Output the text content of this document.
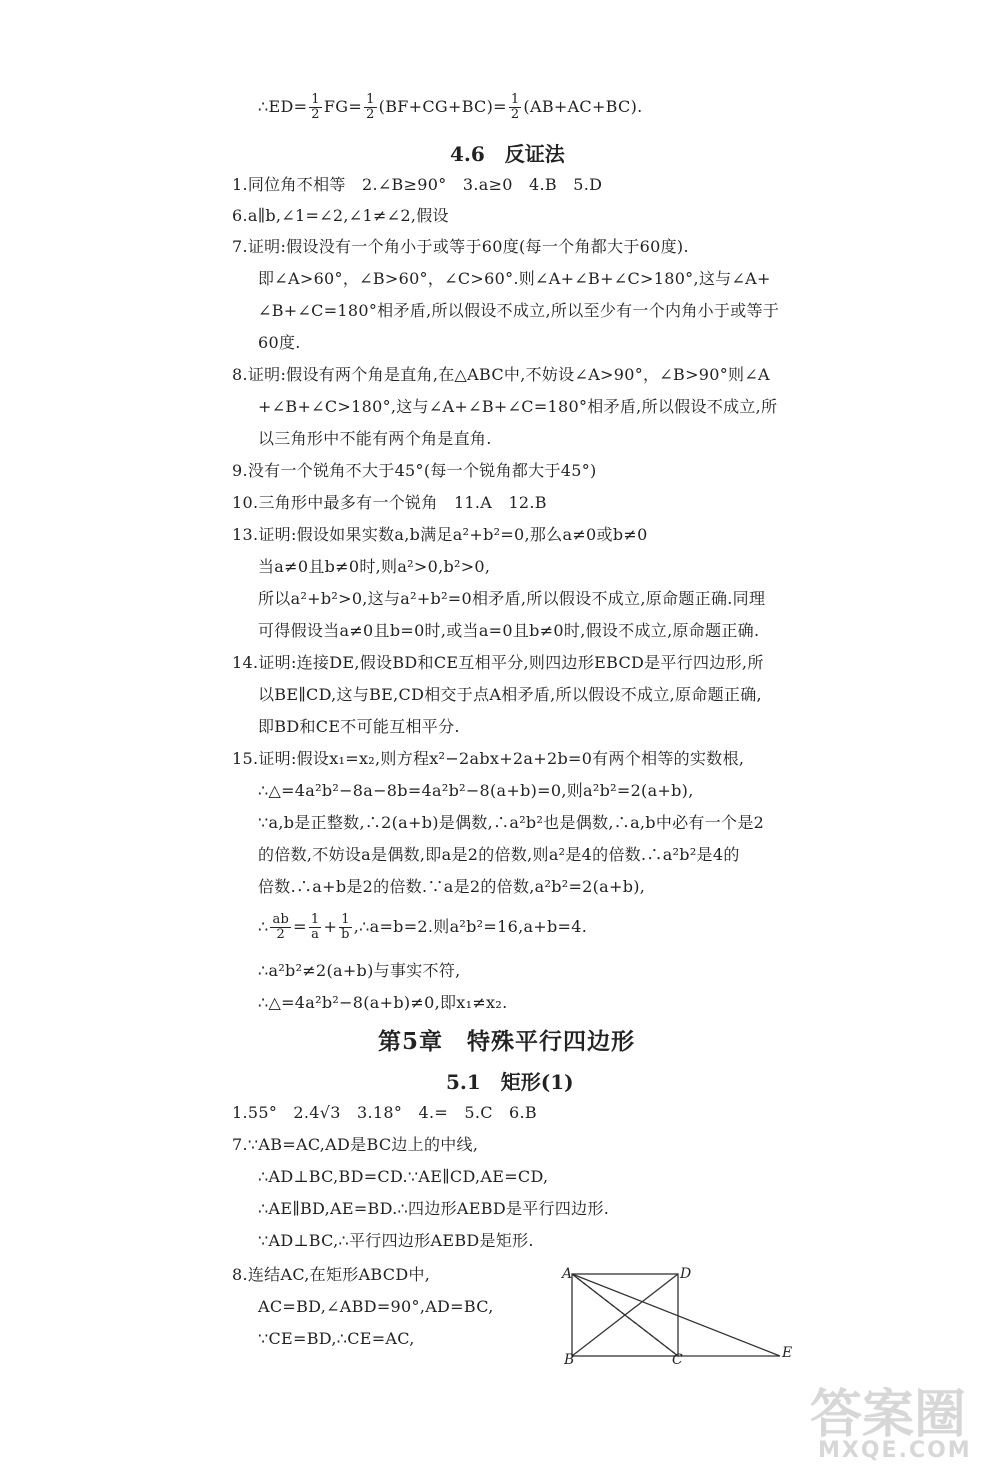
∴ED= $\frac{1}{2} FG= \frac{1}{2} (BF+CG+BC)= \frac{1}{2} (AB+AC+BC)$.
4.6　反证法
1.同位角不相等　2.∠B≥90°　3.a≥0　4.B　5.D
6.a∥b,∠1=∠2,∠1≠∠2,假设
7.证明:假设没有一个角小于或等于60度(每一个角都大于60度).
即∠A>60°，∠B>60°，∠C>60°.则∠A+∠B+∠C>180°,这与∠A+
∠B+∠C=180°相矛盾,所以假设不成立,所以至少有一个内角小于或等于
60度.
8.证明:假设有两个角是直角,在△ABC中,不妨设∠A>90°，∠B>90°则∠A
+∠B+∠C>180°,这与∠A+∠B+∠C=180°相矛盾,所以假设不成立,所
以三角形中不能有两个角是直角.
9.没有一个锐角不大于45°(每一个锐角都大于45°)
10.三角形中最多有一个锐角　11.A　12.B
13.证明:假设如果实数a,b满足a²+b²=0,那么a≠0或b≠0
当a≠0且b≠0时,则a²>0,b²>0,
所以a²+b²>0,这与a²+b²=0相矛盾,所以假设不成立,原命题正确.同理
可得假设当a≠0且b=0时,或当a=0且b≠0时,假设不成立,原命题正确.
14.证明:连接DE,假设BD和CE互相平分,则四边形EBCD是平行四边形,所
以BE∥CD,这与BE,CD相交于点A相矛盾,所以假设不成立,原命题正确,
即BD和CE不可能互相平分.
15.证明:假设x₁=x₂,则方程x²−2abx+2a+2b=0有两个相等的实数根,
∴△=4a²b²−8a−8b=4a²b²−8(a+b)=0,则a²b²=2(a+b),
∵a,b是正整数,∴2(a+b)是偶数,∴a²b²也是偶数,∴a,b中必有一个是2
的倍数,不妨设a是偶数,即a是2的倍数,则a²是4的倍数.∴a²b²是4的
倍数.∴a+b是2的倍数.∵a是2的倍数,a²b²=2(a+b),
∴ $\frac{ab}{2} = \frac{1}{a} + \frac{1}{b}$ ,∴a=b=2.则a²b²=16,a+b=4.
∴a²b²≠2(a+b)与事实不符,
∴△=4a²b²−8(a+b)≠0,即x₁≠x₂.
第5章　特殊平行四边形
5.1　矩形(1)
1.55°　2.4√3　3.18°　4.=　5.C　6.B
7.∵AB=AC,AD是BC边上的中线,
∴AD⊥BC,BD=CD.∵AE∥CD,AE=CD,
∴AE∥BD,AE=BD.∴四边形AEBD是平行四边形.
∵AD⊥BC,∴平行四边形AEBD是矩形.
8.连结AC,在矩形ABCD中,
AC=BD,∠ABD=90°,AD=BC,
∵CE=BD,∴CE=AC,
A	D
B	C	E
答案圈
MXQE.COM
